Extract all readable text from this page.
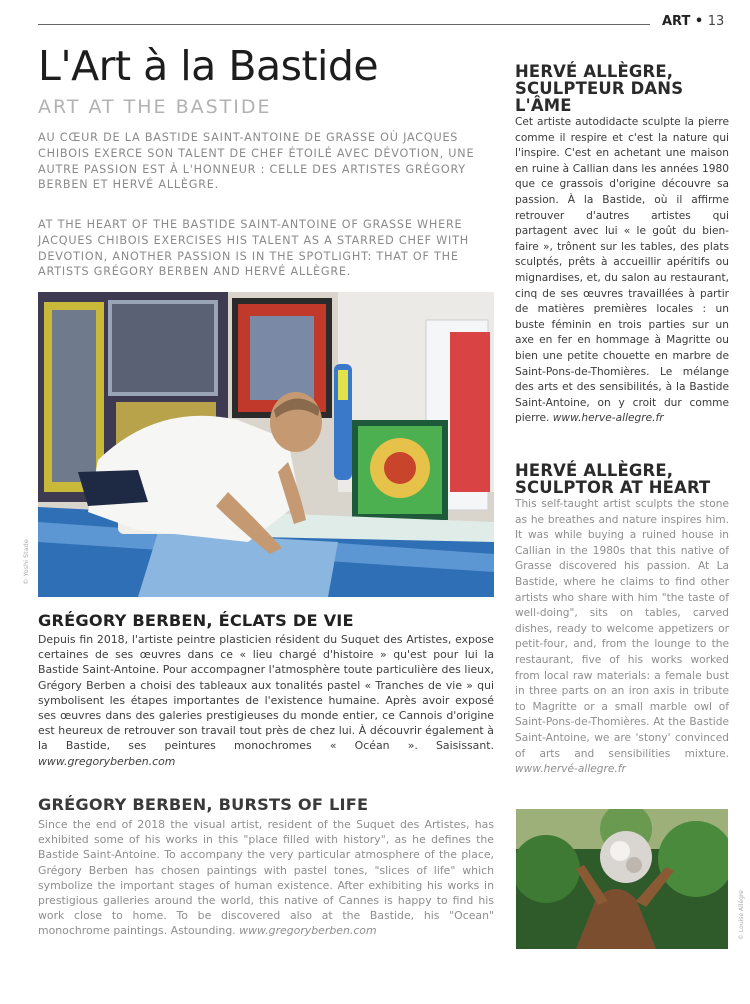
ART • 13
L'Art à la Bastide
ART AT THE BASTIDE

AU CŒUR DE LA BASTIDE SAINT-ANTOINE DE GRASSE OÙ JACQUES CHIBOIS EXERCE SON TALENT DE CHEF ÉTOILÉ AVEC DÉVOTION, UNE AUTRE PASSION EST À L'HONNEUR : CELLE DES ARTISTES GRÉGORY BERBEN ET HERVÉ ALLÈGRE.

AT THE HEART OF THE BASTIDE SAINT-ANTOINE OF GRASSE WHERE JACQUES CHIBOIS EXERCISES HIS TALENT AS A STARRED CHEF WITH DEVOTION, ANOTHER PASSION IS IN THE SPOTLIGHT: THAT OF THE ARTISTS GRÉGORY BERBEN AND HERVÉ ALLÈGRE.

© Yoshi Stade
GRÉGORY BERBEN, ÉCLATS DE VIE

Depuis fin 2018, l'artiste peintre plasticien résident du Suquet des Artistes, expose certaines de ses œuvres dans ce « lieu chargé d'histoire » qu'est pour lui la Bastide Saint-Antoine. Pour accompagner l'atmosphère toute particulière des lieux, Grégory Berben a choisi des tableaux aux tonalités pastel « Tranches de vie » qui symbolisent les étapes importantes de l'existence humaine. Après avoir exposé ses œuvres dans des galeries prestigieuses du monde entier, ce Cannois d'origine est heureux de retrouver son travail tout près de chez lui. À découvrir également à la Bastide, ses peintures monochromes « Océan ». Saisissant. www.gregoryberben.com

GRÉGORY BERBEN, BURSTS OF LIFE

Since the end of 2018 the visual artist, resident of the Suquet des Artistes, has exhibited some of his works in this "place filled with history", as he defines the Bastide Saint-Antoine. To accompany the very particular atmosphere of the place, Grégory Berben has chosen paintings with pastel tones, "slices of life" which symbolize the important stages of human existence. After exhibiting his works in prestigious galleries around the world, this native of Cannes is happy to find his work close to home. To be discovered also at the Bastide, his "Ocean" monochrome paintings. Astounding. www.gregoryberben.com

HERVÉ ALLÈGRE, SCULPTEUR DANS L'ÂME

Cet artiste autodidacte sculpte la pierre comme il respire et c'est la nature qui l'inspire. C'est en achetant une maison en ruine à Callian dans les années 1980 que ce grassois d'origine découvre sa passion. À la Bastide, où il affirme retrouver d'autres artistes qui partagent avec lui « le goût du bien-faire », trônent sur les tables, des plats sculptés, prêts à accueillir apéritifs ou mignardises, et, du salon au restaurant, cinq de ses œuvres travaillées à partir de matières premières locales : un buste féminin en trois parties sur un axe en fer en hommage à Magritte ou bien une petite chouette en marbre de Saint-Pons-de-Thomières. Le mélange des arts et des sensibilités, à la Bastide Saint-Antoine, on y croit dur comme pierre. www.herve-allegre.fr

HERVÉ ALLÈGRE, SCULPTOR AT HEART

This self-taught artist sculpts the stone as he breathes and nature inspires him. It was while buying a ruined house in Callian in the 1980s that this native of Grasse discovered his passion. At La Bastide, where he claims to find other artists who share with him "the taste of well-doing", sits on tables, carved dishes, ready to welcome appetizers or petit-four, and, from the lounge to the restaurant, five of his works worked from local raw materials: a female bust in three parts on an iron axis in tribute to Magritte or a small marble owl of Saint-Pons-de-Thomières. At the Bastide Saint-Antoine, we are 'stony' convinced of arts and sensibilities mixture. www.hervé-allegre.fr

© Louise Allègre
